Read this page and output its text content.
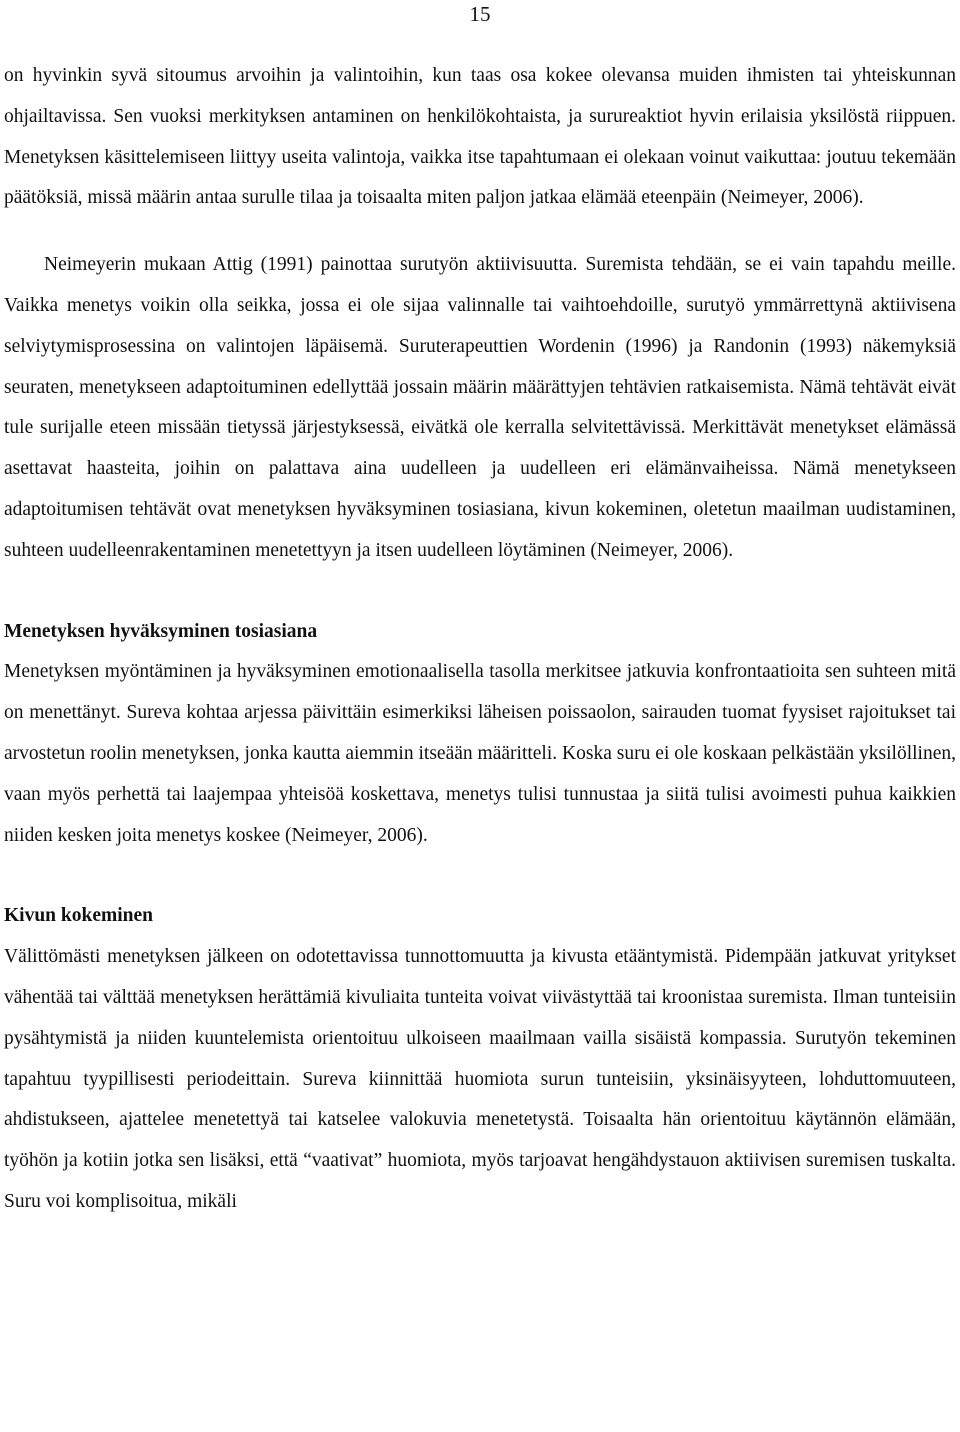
15

on hyvinkin syvä sitoumus arvoihin ja valintoihin, kun taas osa kokee olevansa muiden ihmisten tai yhteiskunnan ohjailtavissa. Sen vuoksi merkityksen antaminen on henkilökohtaista, ja surureaktiot hyvin erilaisia yksilöstä riippuen. Menetyksen käsittelemiseen liittyy useita valintoja, vaikka itse tapahtumaan ei olekaan voinut vaikuttaa: joutuu tekemään päätöksiä, missä määrin antaa surulle tilaa ja toisaalta miten paljon jatkaa elämää eteenpäin (Neimeyer, 2006).

Neimeyerin mukaan Attig (1991) painottaa surutyön aktiivisuutta. Suremista tehdään, se ei vain tapahdu meille. Vaikka menetys voikin olla seikka, jossa ei ole sijaa valinnalle tai vaihtoehdoille, surutyö ymmärrettynä aktiivisena selviytymisprosessina on valintojen läpäisemä. Suruterapeuttien Wordenin (1996) ja Randonin (1993) näkemyksiä seuraten, menetykseen adaptoituminen edellyttää jossain määrin määrättyjen tehtävien ratkaisemista. Nämä tehtävät eivät tule surijalle eteen missään tietyssä järjestyksessä, eivätkä ole kerralla selvitettävissä. Merkittävät menetykset elämässä asettavat haasteita, joihin on palattava aina uudelleen ja uudelleen eri elämänvaiheissa. Nämä menetykseen adaptoitumisen tehtävät ovat menetyksen hyväksyminen tosiasiana, kivun kokeminen, oletetun maailman uudistaminen, suhteen uudelleenrakentaminen menetettyyn ja itsen uudelleen löytäminen (Neimeyer, 2006).

Menetyksen hyväksyminen tosiasiana

Menetyksen myöntäminen ja hyväksyminen emotionaalisella tasolla merkitsee jatkuvia konfrontaatioita sen suhteen mitä on menettänyt. Sureva kohtaa arjessa päivittäin esimerkiksi läheisen poissaolon, sairauden tuomat fyysiset rajoitukset tai arvostetun roolin menetyksen, jonka kautta aiemmin itseään määritteli. Koska suru ei ole koskaan pelkästään yksilöllinen, vaan myös perhettä tai laajempaa yhteisöä koskettava, menetys tulisi tunnustaa ja siitä tulisi avoimesti puhua kaikkien niiden kesken joita menetys koskee (Neimeyer, 2006).

Kivun kokeminen

Välittömästi menetyksen jälkeen on odotettavissa tunnottomuutta ja kivusta etääntymistä. Pidempään jatkuvat yritykset vähentää tai välttää menetyksen herättämiä kivuliaita tunteita voivat viivästyttää tai kroonistaa suremista. Ilman tunteisiin pysähtymistä ja niiden kuuntelemista orientoituu ulkoiseen maailmaan vailla sisäistä kompassia. Surutyön tekeminen tapahtuu tyypillisesti periodeittain. Sureva kiinnittää huomiota surun tunteisiin, yksinäisyyteen, lohduttomuuteen, ahdistukseen, ajattelee menetettyä tai katselee valokuvia menetetystä. Toisaalta hän orientoituu käytännön elämään, työhön ja kotiin jotka sen lisäksi, että “vaativat” huomiota, myös tarjoavat hengähdystauon aktiivisen suremisen tuskalta. Suru voi komplisoitua, mikäli
